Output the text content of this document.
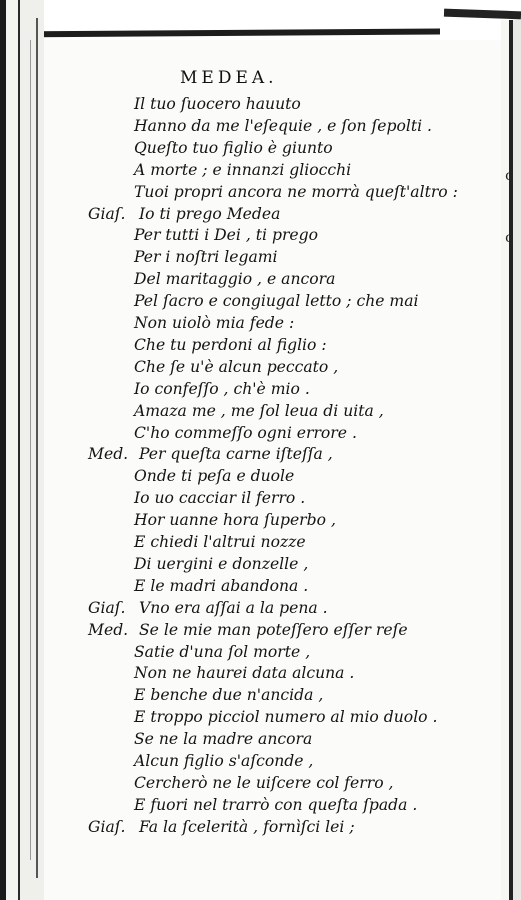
c
c
MEDEA.
Il tuo ſuocero hauuto
Hanno da me l'eſequie , e ſon ſepolti .
Queſto tuo figlio è giunto
A morte ; e innanzi gliocchi
Tuoi propri ancora ne morrà queſt'altro :
Giaſ. Io ti prego Medea
Per tutti i Dei , ti prego
Per i noſtri legami
Del maritaggio , e ancora
Pel ſacro e congiugal letto ; che mai
Non uiolò mia fede :
Che tu perdoni al figlio :
Che ſe u'è alcun peccato ,
Io confeſſo , ch'è mio .
Amaza me , me ſol leua di uita ,
C'ho commeſſo ogni errore .
Med. Per queſta carne iſteſſa ,
Onde ti peſa e duole
Io uo cacciar il ferro .
Hor uanne hora ſuperbo ,
E chiedi l'altrui nozze
Di uergini e donzelle ,
E le madri abandona .
Giaſ. Vno era aſſai a la pena .
Med. Se le mie man poteſſero eſſer reſe
Satie d'una ſol morte ,
Non ne haurei data alcuna .
E benche due n'ancida ,
E troppo picciol numero al mio duolo .
Se ne la madre ancora
Alcun figlio s'aſconde ,
Cercherò ne le uiſcere col ferro ,
E fuori nel trarrò con queſta ſpada .
Giaſ. Fa la ſcelerità , fornìſci lei ;
